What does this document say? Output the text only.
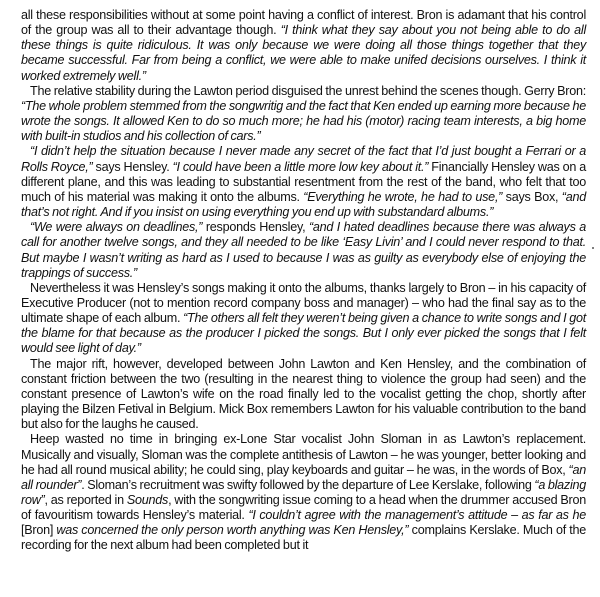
all these responsibilities without at some point having a conflict of interest. Bron is adamant that his control of the group was all to their advantage though. “I think what they say about you not being able to do all these things is quite ridiculous. It was only because we were doing all those things together that they became successful. Far from being a conflict, we were able to make unifed decisions ourselves. I think it worked extremely well.”

The relative stability during the Lawton period disguised the unrest behind the scenes though. Gerry Bron: “The whole problem stemmed from the songwritig and the fact that Ken ended up earning more because he wrote the songs. It allowed Ken to do so much more; he had his (motor) racing team interests, a big home with built-in studios and his collection of cars.”

“I didn’t help the situation because I never made any secret of the fact that I’d just bought a Ferrari or a Rolls Royce,” says Hensley. “I could have been a little more low key about it.” Financially Hensley was on a different plane, and this was leading to substantial resentment from the rest of the band, who felt that too much of his material was making it onto the albums. “Everything he wrote, he had to use,” says Box, “and that’s not right. And if you insist on using everything you end up with substandard albums.”

“We were always on deadlines,” responds Hensley, “and I hated deadlines because there was always a call for another twelve songs, and they all needed to be like ‘Easy Livin’ and I could never respond to that. But maybe I wasn’t writing as hard as I used to because I was as guilty as everybody else of enjoying the trappings of success.”

Nevertheless it was Hensley’s songs making it onto the albums, thanks largely to Bron – in his capacity of Executive Producer (not to mention record company boss and manager) – who had the final say as to the ultimate shape of each album. “The others all felt they weren’t being given a chance to write songs and I got the blame for that because as the producer I picked the songs. But I only ever picked the songs that I felt would see light of day.”

The major rift, however, developed between John Lawton and Ken Hensley, and the combination of constant friction between the two (resulting in the nearest thing to violence the group had seen) and the constant presence of Lawton’s wife on the road finally led to the vocalist getting the chop, shortly after playing the Bilzen Fetival in Belgium. Mick Box remembers Lawton for his valuable contribution to the band but also for the laughs he caused.

Heep wasted no time in bringing ex-Lone Star vocalist John Sloman in as Lawton’s replacement. Musically and visually, Sloman was the complete antithesis of Lawton – he was younger, better looking and he had all round musical ability; he could sing, play keyboards and guitar – he was, in the words of Box, “an all rounder”. Sloman’s recruitment was swifty followed by the departure of Lee Kerslake, following “a blazing row”, as reported in Sounds, with the songwriting issue coming to a head when the drummer accused Bron of favouritism towards Hensley’s material. “I couldn’t agree with the management’s attitude – as far as he [Bron] was concerned the only person worth anything was Ken Hensley,” complains Kerslake. Much of the recording for the next album had been completed but it
